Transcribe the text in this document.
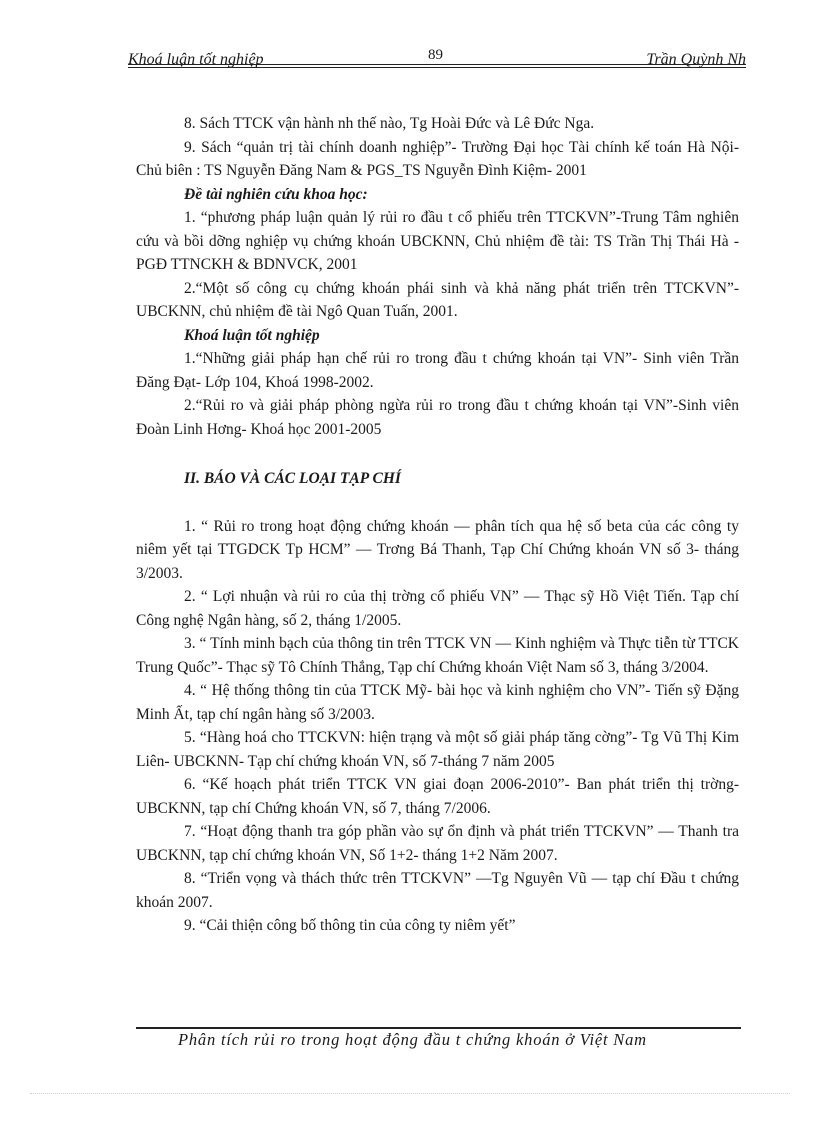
Khoá luận tốt nghiệp	89	Trần Quỳnh Nh

8. Sách TTCK vận hành nh thế nào, Tg Hoài Đức và Lê Đức Nga.

9. Sách “quản trị tài chính doanh nghiệp”- Trường Đại học Tài chính kế toán Hà Nội- Chủ biên : TS Nguyễn Đăng Nam & PGS_TS Nguyễn Đình Kiệm- 2001

Đề tài nghiên cứu khoa học:

1. “phương pháp luận quản lý rủi ro đầu t cổ phiếu trên TTCKVN”-Trung Tâm nghiên cứu và bồi dỡng nghiệp vụ chứng khoán UBCKNN, Chủ nhiệm đề tài: TS Trần Thị Thái Hà - PGĐ TTNCKH & BDNVCK, 2001

2.“Một số công cụ chứng khoán phái sinh và khả năng phát triển trên TTCKVN”- UBCKNN, chủ nhiệm đề tài Ngô Quan Tuấn, 2001.

Khoá luận tốt nghiệp

1.“Những giải pháp hạn chế rủi ro trong đầu t chứng khoán tại VN”- Sinh viên Trần Đăng Đạt- Lớp 104, Khoá 1998-2002.

2.“Rủi ro và giải pháp phòng ngừa rủi ro trong đầu t chứng khoán tại VN”-Sinh viên Đoàn Linh Hơng- Khoá học 2001-2005

II. BÁO VÀ CÁC LOẠI TẠP CHÍ

1. “ Rủi ro trong hoạt động chứng khoán — phân tích qua hệ số beta của các công ty niêm yết tại TTGDCK Tp HCM” — Trơng Bá Thanh, Tạp Chí Chứng khoán VN số 3- tháng 3/2003.

2. “ Lợi nhuận và rủi ro của thị trờng cổ phiếu VN” — Thạc sỹ Hồ Việt Tiến. Tạp chí Công nghệ Ngân hàng, số 2, tháng 1/2005.

3. “ Tính minh bạch của thông tin trên TTCK VN — Kinh nghiệm và Thực tiễn từ TTCK Trung Quốc”- Thạc sỹ Tô Chính Thắng, Tạp chí Chứng khoán Việt Nam số 3, tháng 3/2004.

4. “ Hệ thống thông tin của TTCK Mỹ- bài học và kinh nghiệm cho VN”- Tiến sỹ Đặng Minh Ất, tạp chí ngân hàng số 3/2003.

5. “Hàng hoá cho TTCKVN: hiện trạng và một số giải pháp tăng cờng”- Tg Vũ Thị Kim Liên- UBCKNN- Tạp chí chứng khoán VN, số 7-tháng 7 năm 2005

6. “Kế hoạch phát triển TTCK VN giai đoạn 2006-2010”- Ban phát triển thị trờng- UBCKNN, tạp chí Chứng khoán VN, số 7, tháng 7/2006.

7. “Hoạt động thanh tra góp phần vào sự ổn định và phát triển TTCKVN” — Thanh tra UBCKNN, tạp chí chứng khoán VN, Số 1+2- tháng 1+2 Năm 2007.

8. “Triển vọng và thách thức trên TTCKVN” —Tg Nguyên Vũ — tạp chí Đầu t chứng khoán 2007.

9. “Cải thiện công bố thông tin của công ty niêm yết”

Phân tích rủi ro trong hoạt động đầu t chứng khoán ở Việt Nam
